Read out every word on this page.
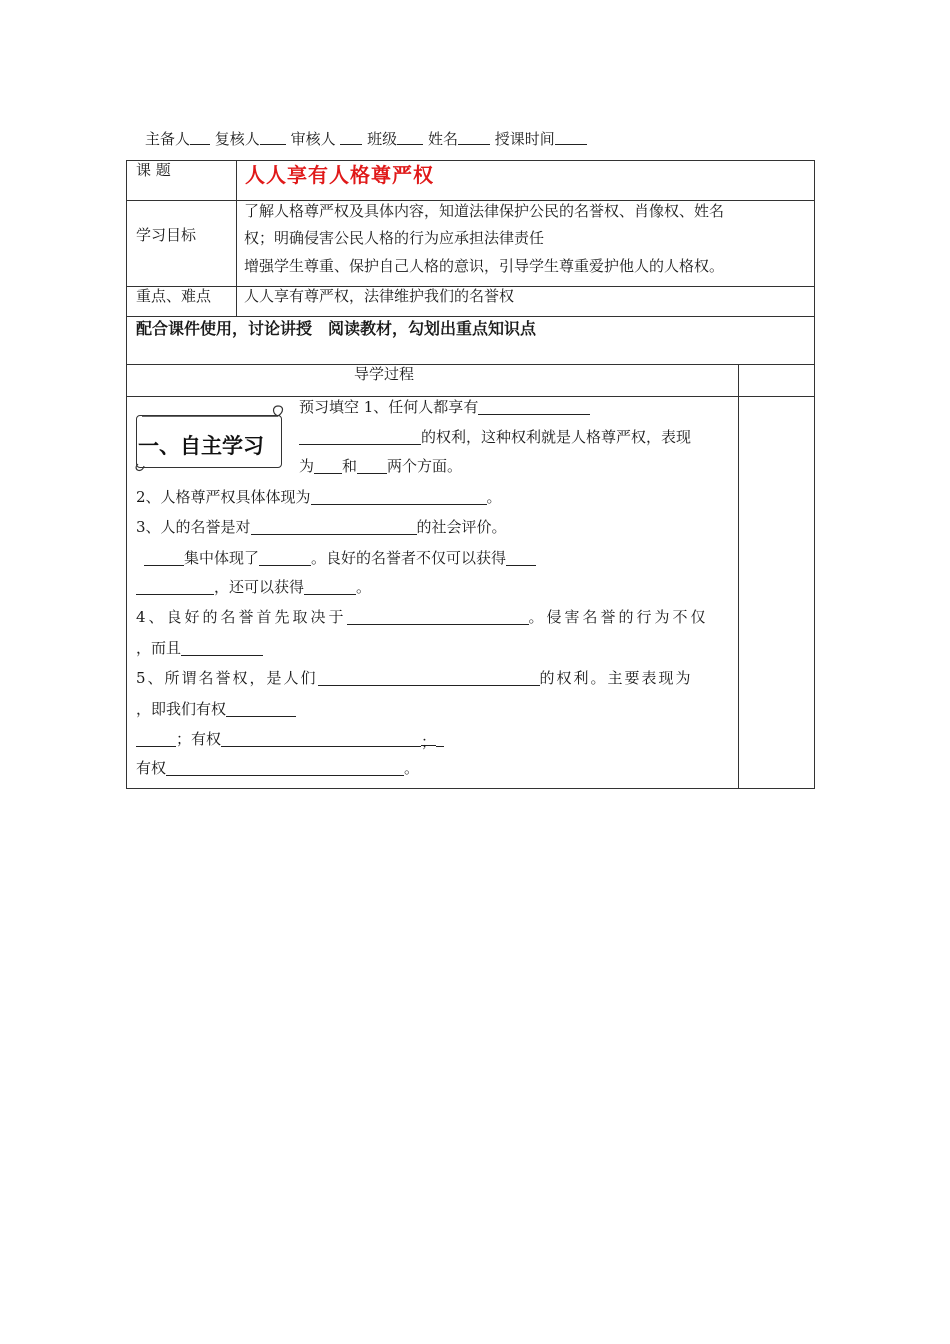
主备人 复核人 审核人 班级 姓名 授课时间
课 题	人人享有人格尊严权
学习目标
了解人格尊严权及具体内容，知道法律保护公民的名誉权、肖像权、姓名
权；明确侵害公民人格的行为应承担法律责任
增强学生尊重、保护自己人格的意识，引导学生尊重爱护他人的人格权。
重点、难点 人人享有尊严权，法律维护我们的名誉权
配合课件使用，讨论讲授　阅读教材，勾划出重点知识点
导学过程
一、自主学习
预习填空 1、任何人都享有
的权利，这种权利就是人格尊严权，表现
为 和 两个方面。
2、人格尊严权具体体现为	。
3、人的名誉是对	的社会评价。
集中体现了	。良好的名誉者不仅可以获得
，还可以获得	。
4、良好的名誉首先取决于	。侵害名誉的行为不仅
，而且
5、所谓名誉权，是人们	的权利。主要表现为
，即我们有权
；有权	；
有权	。
